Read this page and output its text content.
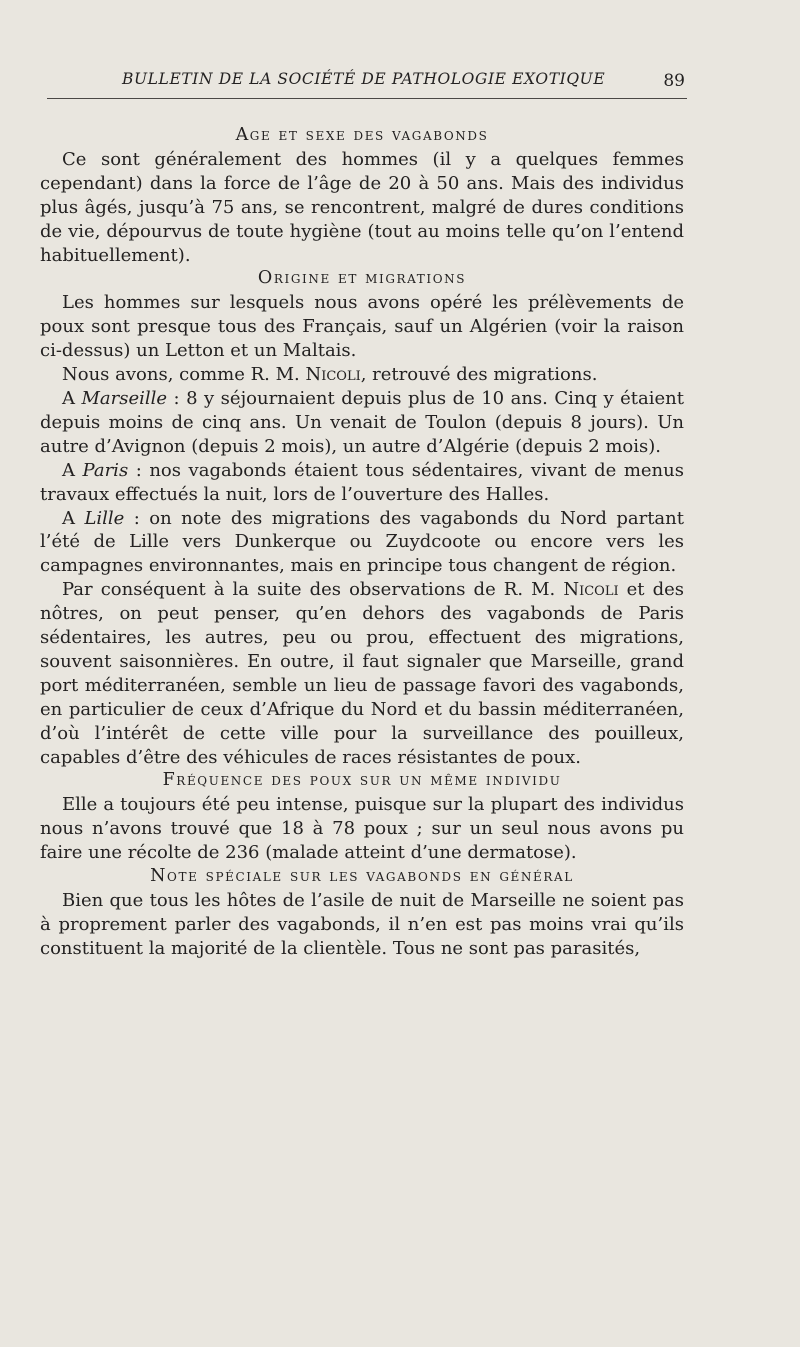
BULLETIN DE LA SOCIÉTÉ DE PATHOLOGIE EXOTIQUE	89
Age et sexe des vagabonds

Ce sont généralement des hommes (il y a quelques femmes cependant) dans la force de l’âge de 20 à 50 ans. Mais des individus plus âgés, jusqu’à 75 ans, se rencontrent, malgré de dures conditions de vie, dépourvus de toute hygiène (tout au moins telle qu’on l’entend habituellement).

Origine et migrations

Les hommes sur lesquels nous avons opéré les prélèvements de poux sont presque tous des Français, sauf un Algérien (voir la raison ci-dessus) un Letton et un Maltais.

Nous avons, comme R. M. Nicoli, retrouvé des migrations.

A Marseille : 8 y séjournaient depuis plus de 10 ans. Cinq y étaient depuis moins de cinq ans. Un venait de Toulon (depuis 8 jours). Un autre d’Avignon (depuis 2 mois), un autre d’Algérie (depuis 2 mois).

A Paris : nos vagabonds étaient tous sédentaires, vivant de menus travaux effectués la nuit, lors de l’ouverture des Halles.

A Lille : on note des migrations des vagabonds du Nord partant l’été de Lille vers Dunkerque ou Zuydcoote ou encore vers les campagnes environnantes, mais en principe tous changent de région.

Par conséquent à la suite des observations de R. M. Nicoli et des nôtres, on peut penser, qu’en dehors des vagabonds de Paris sédentaires, les autres, peu ou prou, effectuent des migrations, souvent saisonnières. En outre, il faut signaler que Marseille, grand port méditerranéen, semble un lieu de passage favori des vagabonds, en particulier de ceux d’Afrique du Nord et du bassin méditerranéen, d’où l’intérêt de cette ville pour la surveillance des pouilleux, capables d’être des véhicules de races résistantes de poux.

Fréquence des poux sur un même individu

Elle a toujours été peu intense, puisque sur la plupart des individus nous n’avons trouvé que 18 à 78 poux ; sur un seul nous avons pu faire une récolte de 236 (malade atteint d’une dermatose).

Note spéciale sur les vagabonds en général

Bien que tous les hôtes de l’asile de nuit de Marseille ne soient pas à proprement parler des vagabonds, il n’en est pas moins vrai qu’ils constituent la majorité de la clientèle. Tous ne sont pas parasités,
